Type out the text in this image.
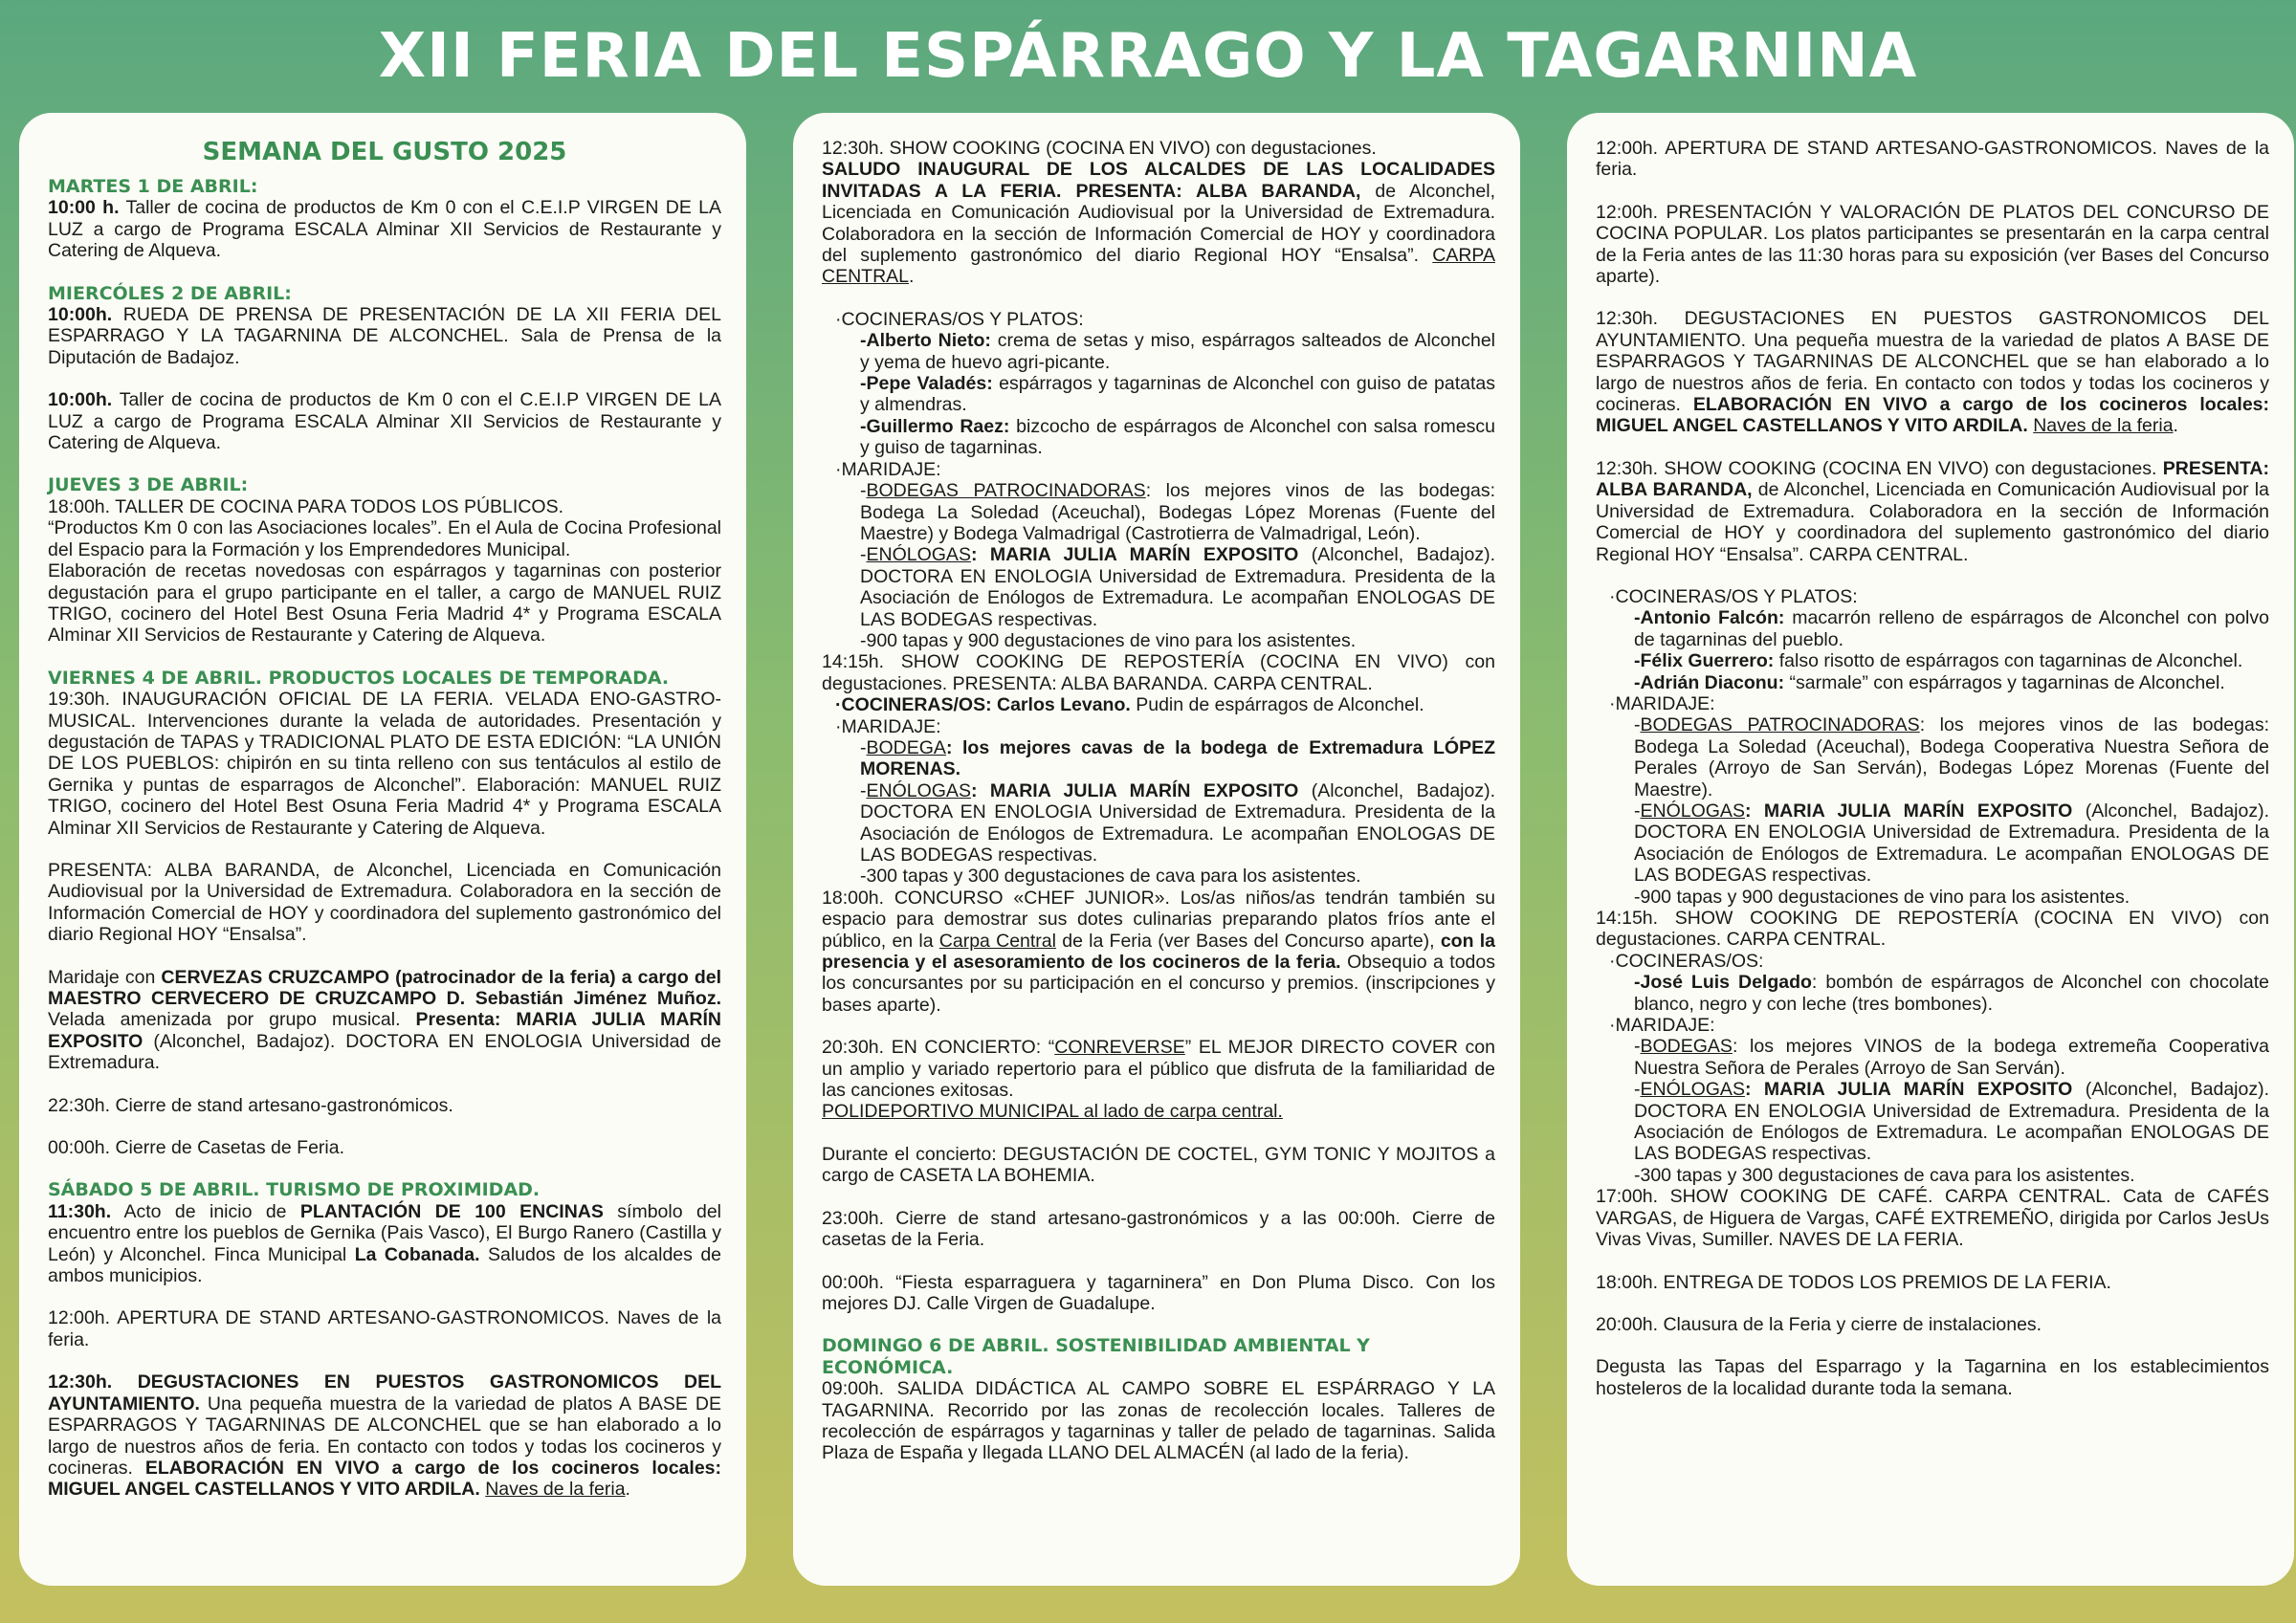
XII FERIA DEL ESPÁRRAGO Y LA TAGARNINA
SEMANA DEL GUSTO 2025
MARTES 1 DE ABRIL:
10:00 h. Taller de cocina de productos de Km 0 con el C.E.I.P VIRGEN DE LA LUZ a cargo de Programa ESCALA Alminar XII Servicios de Restaurante y Catering de Alqueva.
MIERCÓLES 2 DE ABRIL:
10:00h. RUEDA DE PRENSA DE PRESENTACIÓN DE LA XII FERIA DEL ESPARRAGO Y LA TAGARNINA DE ALCONCHEL. Sala de Prensa de la Diputación de Badajoz.
10:00h. Taller de cocina de productos de Km 0 con el C.E.I.P VIRGEN DE LA LUZ a cargo de Programa ESCALA Alminar XII Servicios de Restaurante y Catering de Alqueva.
JUEVES 3 DE ABRIL:
18:00h. TALLER DE COCINA PARA TODOS LOS PÚBLICOS.
“Productos Km 0 con las Asociaciones locales”. En el Aula de Cocina Profesional del Espacio para la Formación y los Emprendedores Municipal.
Elaboración de recetas novedosas con espárragos y tagarninas con posterior degustación para el grupo participante en el taller, a cargo de MANUEL RUIZ TRIGO, cocinero del Hotel Best Osuna Feria Madrid 4* y Programa ESCALA Alminar XII Servicios de Restaurante y Catering de Alqueva.
VIERNES 4 DE ABRIL. PRODUCTOS LOCALES DE TEMPORADA.
19:30h. INAUGURACIÓN OFICIAL DE LA FERIA. VELADA ENO-GASTRO-MUSICAL. Intervenciones durante la velada de autoridades. Presentación y degustación de TAPAS y TRADICIONAL PLATO DE ESTA EDICIÓN: “LA UNIÓN DE LOS PUEBLOS: chipirón en su tinta relleno con sus tentáculos al estilo de Gernika y puntas de esparragos de Alconchel”. Elaboración: MANUEL RUIZ TRIGO, cocinero del Hotel Best Osuna Feria Madrid 4* y Programa ESCALA Alminar XII Servicios de Restaurante y Catering de Alqueva.
PRESENTA: ALBA BARANDA, de Alconchel, Licenciada en Comunicación Audiovisual por la Universidad de Extremadura. Colaboradora en la sección de Información Comercial de HOY y coordinadora del suplemento gastronómico del diario Regional HOY “Ensalsa”.
Maridaje con CERVEZAS CRUZCAMPO (patrocinador de la feria) a cargo del MAESTRO CERVECERO DE CRUZCAMPO D. Sebastián Jiménez Muñoz. Velada amenizada por grupo musical. Presenta: MARIA JULIA MARÍN EXPOSITO (Alconchel, Badajoz). DOCTORA EN ENOLOGIA Universidad de Extremadura.
22:30h. Cierre de stand artesano-gastronómicos.
00:00h. Cierre de Casetas de Feria.
SÁBADO 5 DE ABRIL. TURISMO DE PROXIMIDAD.
11:30h. Acto de inicio de PLANTACIÓN DE 100 ENCINAS símbolo del encuentro entre los pueblos de Gernika (Pais Vasco), El Burgo Ranero (Castilla y León) y Alconchel. Finca Municipal La Cobanada. Saludos de los alcaldes de ambos municipios.
12:00h. APERTURA DE STAND ARTESANO-GASTRONOMICOS. Naves de la feria.
12:30h. DEGUSTACIONES EN PUESTOS GASTRONOMICOS DEL AYUNTAMIENTO. Una pequeña muestra de la variedad de platos A BASE DE ESPARRAGOS Y TAGARNINAS DE ALCONCHEL que se han elaborado a lo largo de nuestros años de feria. En contacto con todos y todas los cocineros y cocineras. ELABORACIÓN EN VIVO a cargo de los cocineros locales: MIGUEL ANGEL CASTELLANOS Y VITO ARDILA. Naves de la feria.
12:30h. SHOW COOKING (COCINA EN VIVO) con degustaciones.
SALUDO INAUGURAL DE LOS ALCALDES DE LAS LOCALIDADES INVITADAS A LA FERIA. PRESENTA: ALBA BARANDA, de Alconchel, Licenciada en Comunicación Audiovisual por la Universidad de Extremadura. Colaboradora en la sección de Información Comercial de HOY y coordinadora del suplemento gastronómico del diario Regional HOY “Ensalsa”. CARPA CENTRAL.
·COCINERAS/OS Y PLATOS:
-Alberto Nieto: crema de setas y miso, espárragos salteados de Alconchel y yema de huevo agri-picante.
-Pepe Valadés: espárragos y tagarninas de Alconchel con guiso de patatas y almendras.
-Guillermo Raez: bizcocho de espárragos de Alconchel con salsa romescu y guiso de tagarninas.
·MARIDAJE:
-BODEGAS PATROCINADORAS: los mejores vinos de las bodegas: Bodega La Soledad (Aceuchal), Bodegas López Morenas (Fuente del Maestre) y Bodega Valmadrigal (Castrotierra de Valmadrigal, León).
-ENÓLOGAS: MARIA JULIA MARÍN EXPOSITO (Alconchel, Badajoz). DOCTORA EN ENOLOGIA Universidad de Extremadura. Presidenta de la Asociación de Enólogos de Extremadura. Le acompañan ENOLOGAS DE LAS BODEGAS respectivas.
-900 tapas y 900 degustaciones de vino para los asistentes.
14:15h. SHOW COOKING DE REPOSTERÍA (COCINA EN VIVO) con degustaciones. PRESENTA: ALBA BARANDA. CARPA CENTRAL.
·COCINERAS/OS: Carlos Levano. Pudin de espárragos de Alconchel.
·MARIDAJE:
-BODEGA: los mejores cavas de la bodega de Extremadura LÓPEZ MORENAS.
-ENÓLOGAS: MARIA JULIA MARÍN EXPOSITO (Alconchel, Badajoz). DOCTORA EN ENOLOGIA Universidad de Extremadura. Presidenta de la Asociación de Enólogos de Extremadura. Le acompañan ENOLOGAS DE LAS BODEGAS respectivas.
-300 tapas y 300 degustaciones de cava para los asistentes.
18:00h. CONCURSO «CHEF JUNIOR». Los/as niños/as tendrán también su espacio para demostrar sus dotes culinarias preparando platos fríos ante el público, en la Carpa Central de la Feria (ver Bases del Concurso aparte), con la presencia y el asesoramiento de los cocineros de la feria. Obsequio a todos los concursantes por su participación en el concurso y premios. (inscripciones y bases aparte).
20:30h. EN CONCIERTO: “CONREVERSE” EL MEJOR DIRECTO COVER con un amplio y variado repertorio para el público que disfruta de la familiaridad de las canciones exitosas.
POLIDEPORTIVO MUNICIPAL al lado de carpa central.
Durante el concierto: DEGUSTACIÓN DE COCTEL, GYM TONIC Y MOJITOS a cargo de CASETA LA BOHEMIA.
23:00h. Cierre de stand artesano-gastronómicos y a las 00:00h. Cierre de casetas de la Feria.
00:00h. “Fiesta esparraguera y tagarninera” en Don Pluma Disco. Con los mejores DJ. Calle Virgen de Guadalupe.
DOMINGO 6 DE ABRIL. SOSTENIBILIDAD AMBIENTAL Y ECONÓMICA.
09:00h. SALIDA DIDÁCTICA AL CAMPO SOBRE EL ESPÁRRAGO Y LA TAGARNINA. Recorrido por las zonas de recolección locales. Talleres de recolección de espárragos y tagarninas y taller de pelado de tagarninas. Salida Plaza de España y llegada LLANO DEL ALMACÉN (al lado de la feria).
12:00h. APERTURA DE STAND ARTESANO-GASTRONOMICOS. Naves de la feria.
12:00h. PRESENTACIÓN Y VALORACIÓN DE PLATOS DEL CONCURSO DE COCINA POPULAR. Los platos participantes se presentarán en la carpa central de la Feria antes de las 11:30 horas para su exposición (ver Bases del Concurso aparte).
12:30h. DEGUSTACIONES EN PUESTOS GASTRONOMICOS DEL AYUNTAMIENTO. Una pequeña muestra de la variedad de platos A BASE DE ESPARRAGOS Y TAGARNINAS DE ALCONCHEL que se han elaborado a lo largo de nuestros años de feria. En contacto con todos y todas los cocineros y cocineras. ELABORACIÓN EN VIVO a cargo de los cocineros locales: MIGUEL ANGEL CASTELLANOS Y VITO ARDILA. Naves de la feria.
12:30h. SHOW COOKING (COCINA EN VIVO) con degustaciones. PRESENTA: ALBA BARANDA, de Alconchel, Licenciada en Comunicación Audiovisual por la Universidad de Extremadura. Colaboradora en la sección de Información Comercial de HOY y coordinadora del suplemento gastronómico del diario Regional HOY “Ensalsa”. CARPA CENTRAL.
·COCINERAS/OS Y PLATOS:
-Antonio Falcón: macarrón relleno de espárragos de Alconchel con polvo de tagarninas del pueblo.
-Félix Guerrero: falso risotto de espárragos con tagarninas de Alconchel.
-Adrián Diaconu: “sarmale” con espárragos y tagarninas de Alconchel.
·MARIDAJE:
-BODEGAS PATROCINADORAS: los mejores vinos de las bodegas: Bodega La Soledad (Aceuchal), Bodega Cooperativa Nuestra Señora de Perales (Arroyo de San Serván), Bodegas López Morenas (Fuente del Maestre).
-ENÓLOGAS: MARIA JULIA MARÍN EXPOSITO (Alconchel, Badajoz). DOCTORA EN ENOLOGIA Universidad de Extremadura. Presidenta de la Asociación de Enólogos de Extremadura. Le acompañan ENOLOGAS DE LAS BODEGAS respectivas.
-900 tapas y 900 degustaciones de vino para los asistentes.
14:15h. SHOW COOKING DE REPOSTERÍA (COCINA EN VIVO) con degustaciones. CARPA CENTRAL.
·COCINERAS/OS:
-José Luis Delgado: bombón de espárragos de Alconchel con chocolate blanco, negro y con leche (tres bombones).
·MARIDAJE:
-BODEGAS: los mejores VINOS de la bodega extremeña Cooperativa Nuestra Señora de Perales (Arroyo de San Serván).
-ENÓLOGAS: MARIA JULIA MARÍN EXPOSITO (Alconchel, Badajoz). DOCTORA EN ENOLOGIA Universidad de Extremadura. Presidenta de la Asociación de Enólogos de Extremadura. Le acompañan ENOLOGAS DE LAS BODEGAS respectivas.
-300 tapas y 300 degustaciones de cava para los asistentes.
17:00h. SHOW COOKING DE CAFÉ. CARPA CENTRAL. Cata de CAFÉS VARGAS, de Higuera de Vargas, CAFÉ EXTREMEÑO, dirigida por Carlos JesUs Vivas Vivas, Sumiller. NAVES DE LA FERIA.
18:00h. ENTREGA DE TODOS LOS PREMIOS DE LA FERIA.
20:00h. Clausura de la Feria y cierre de instalaciones.
Degusta las Tapas del Esparrago y la Tagarnina en los establecimientos hosteleros de la localidad durante toda la semana.
